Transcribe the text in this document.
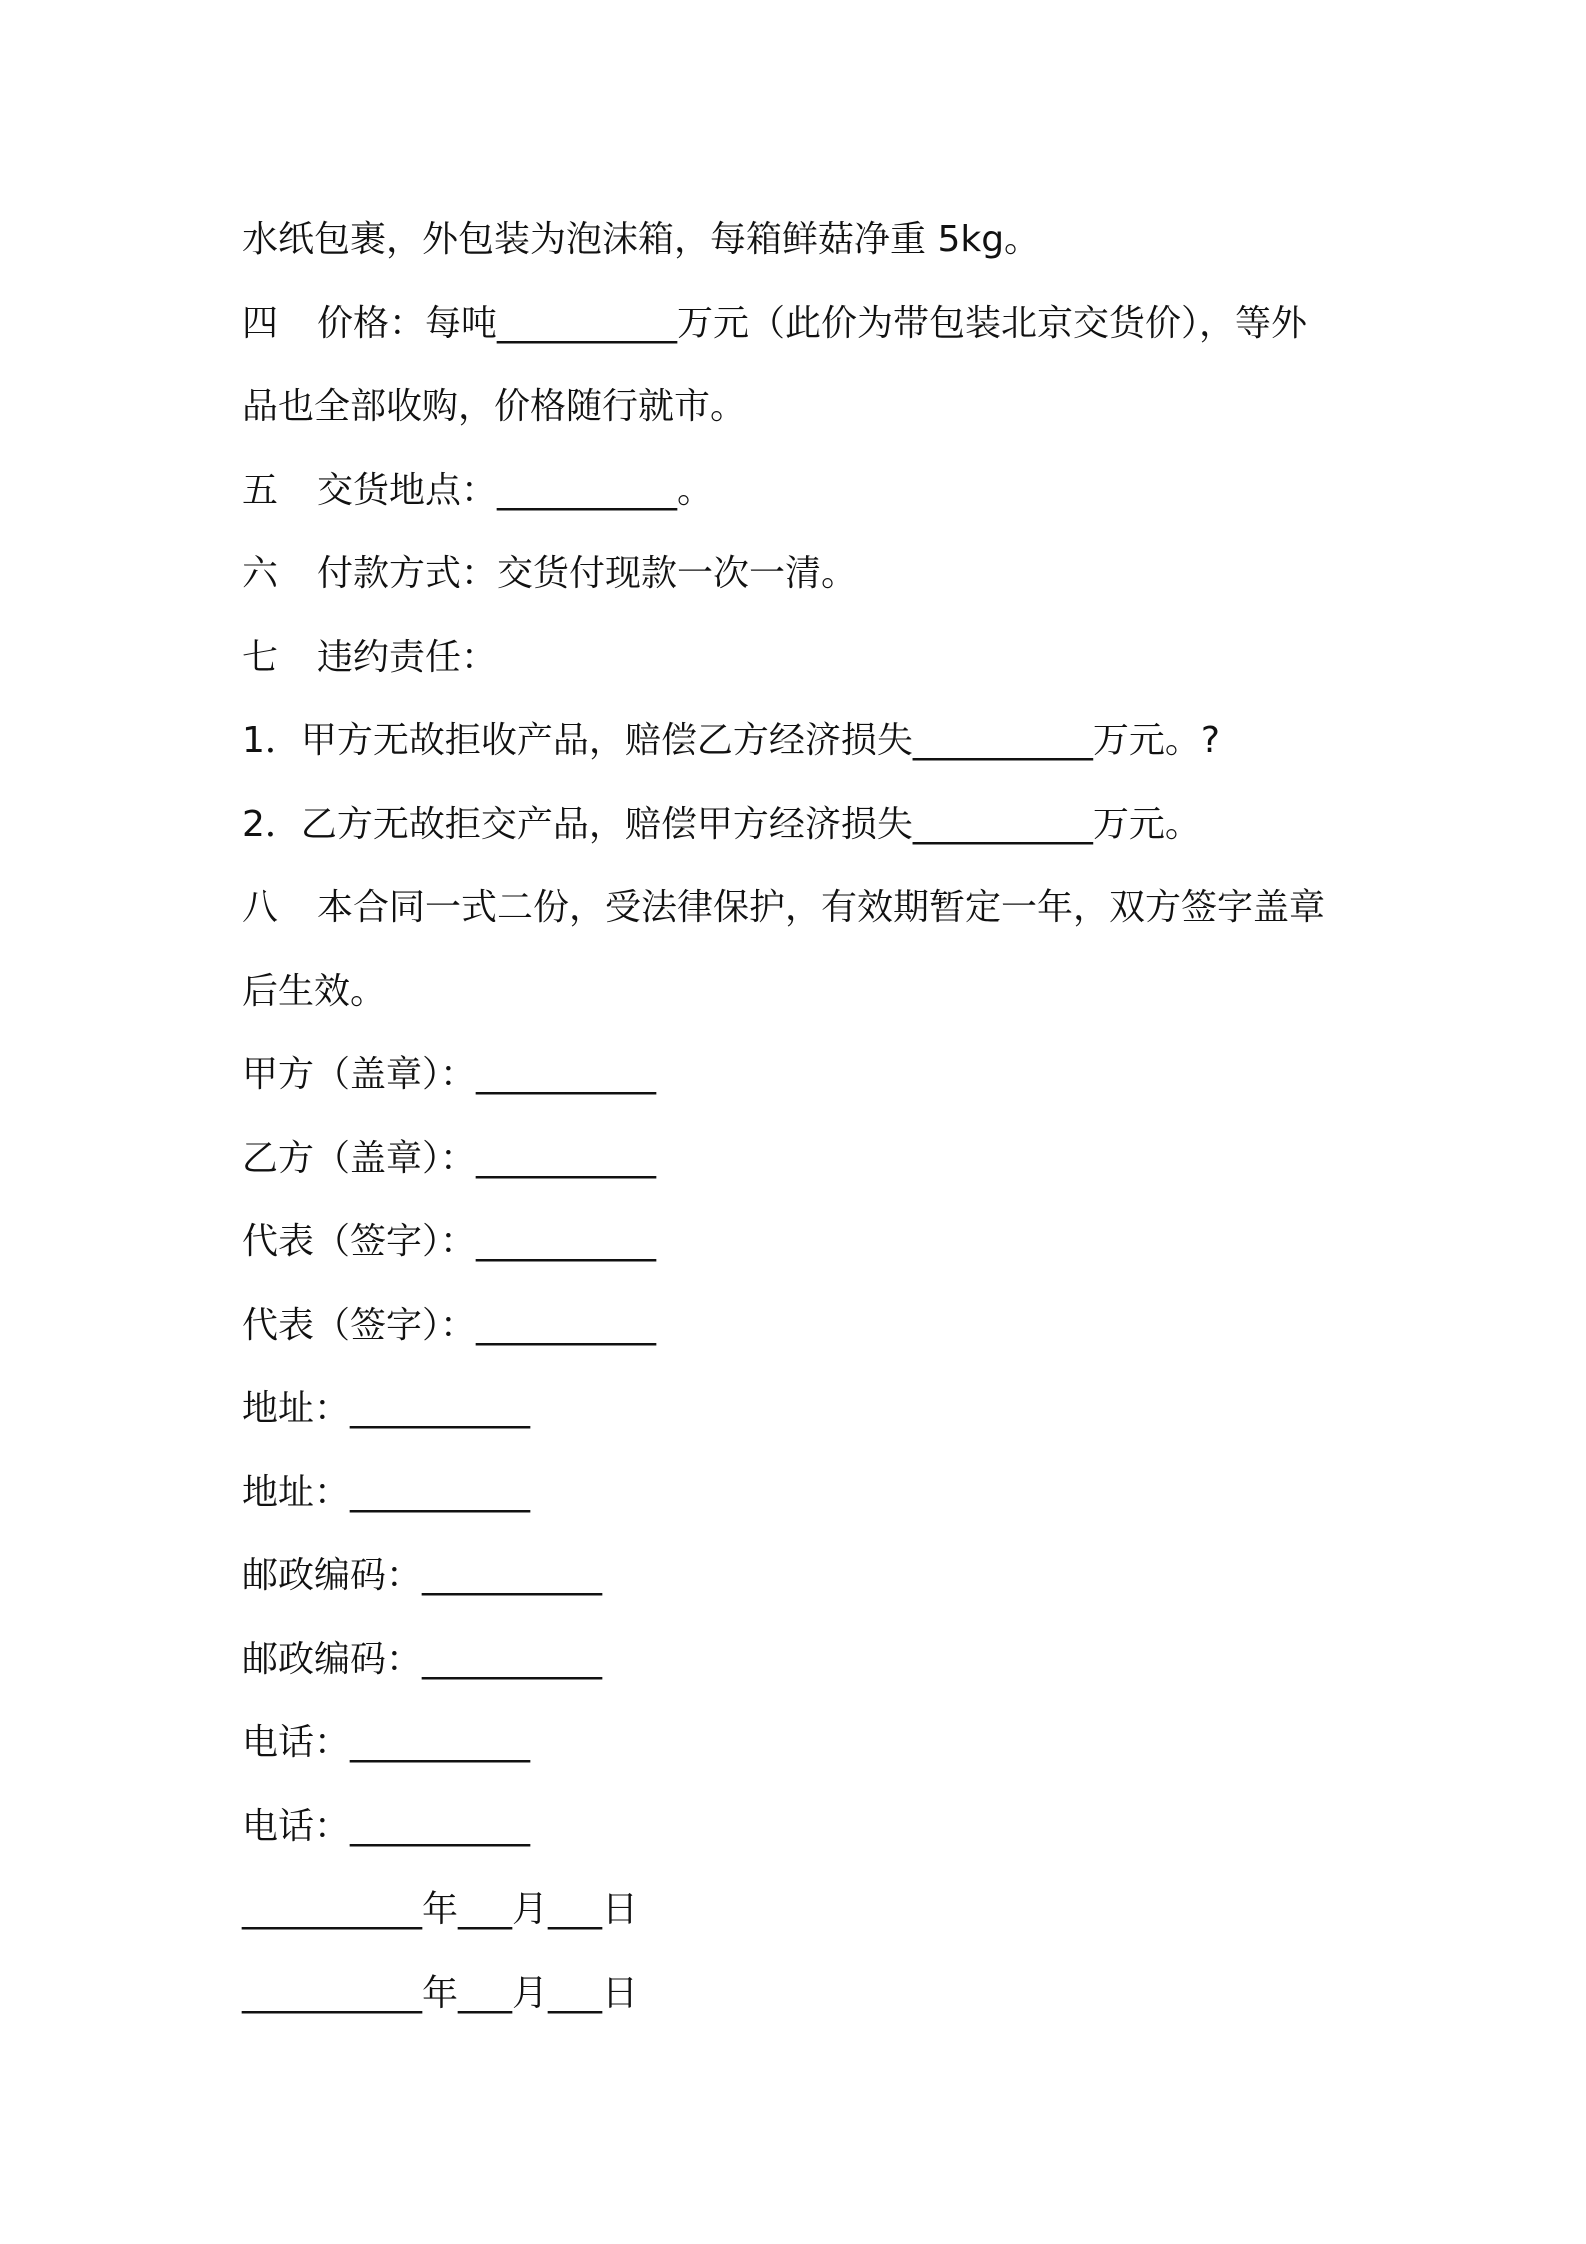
水纸包裹，外包装为泡沫箱，每箱鲜菇净重 5kg。
四 价格：每吨__________万元（此价为带包装北京交货价），等外
品也全部收购，价格随行就市。
五 交货地点：__________。
六 付款方式：交货付现款一次一清。
七 违约责任：
1．甲方无故拒收产品，赔偿乙方经济损失__________万元。?
2．乙方无故拒交产品，赔偿甲方经济损失__________万元。
八 本合同一式二份，受法律保护，有效期暂定一年，双方签字盖章
后生效。
甲方（盖章）：__________
乙方（盖章）：__________
代表（签字）：__________
代表（签字）：__________
地址：__________
地址：__________
邮政编码：__________
邮政编码：__________
电话：__________
电话：__________
__________年___月___日
__________年___月___日
